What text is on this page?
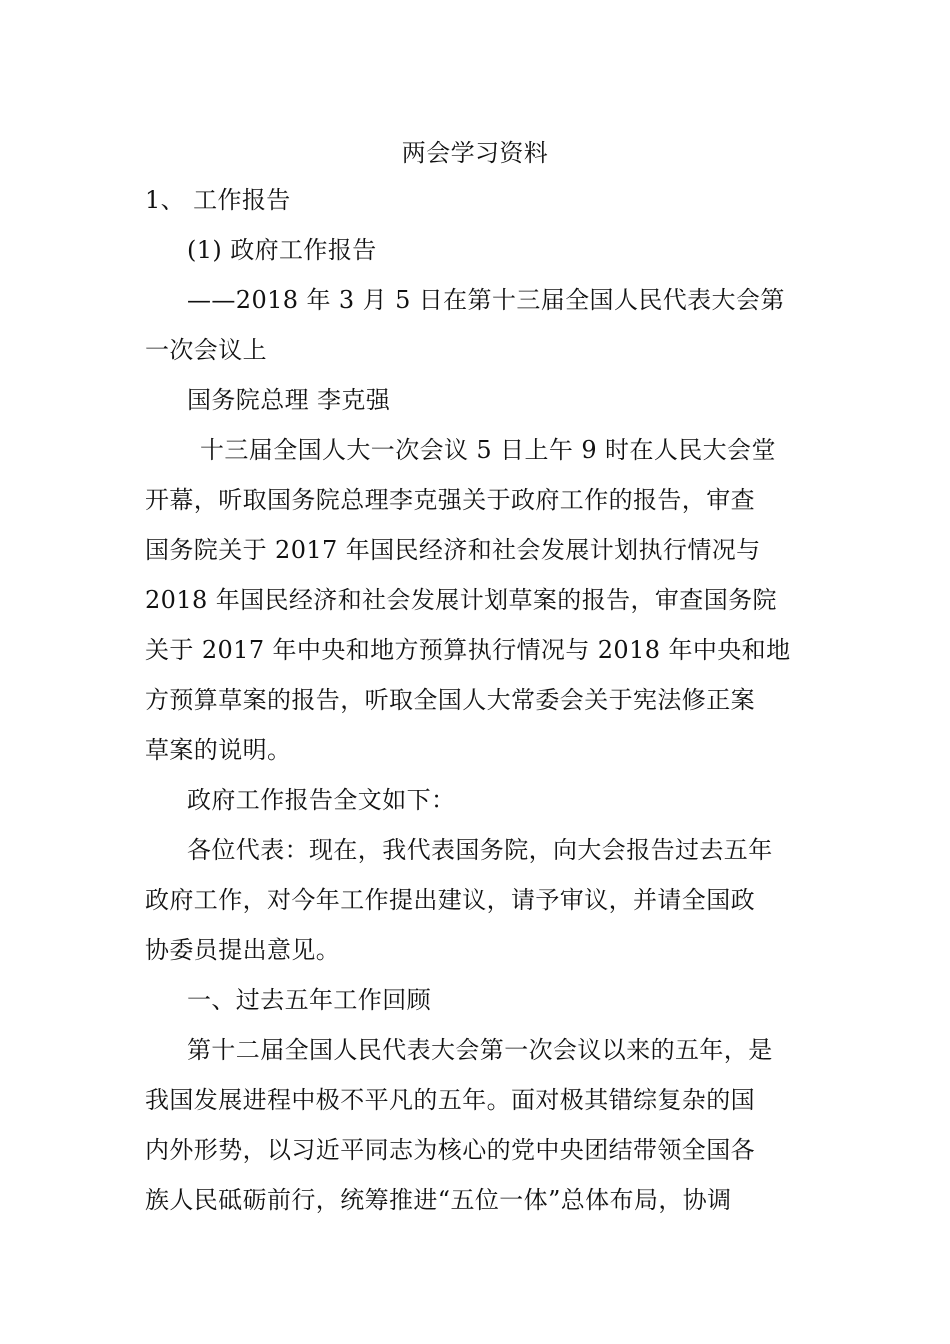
两会学习资料
1、 工作报告
(1) 政府工作报告
——2018 年 3 月 5 日在第十三届全国人民代表大会第
一次会议上
国务院总理 李克强
十三届全国人大一次会议 5 日上午 9 时在人民大会堂
开幕，听取国务院总理李克强关于政府工作的报告，审查
国务院关于 2017 年国民经济和社会发展计划执行情况与
2018 年国民经济和社会发展计划草案的报告，审查国务院
关于 2017 年中央和地方预算执行情况与 2018 年中央和地
方预算草案的报告，听取全国人大常委会关于宪法修正案
草案的说明。
政府工作报告全文如下：
各位代表：现在，我代表国务院，向大会报告过去五年
政府工作，对今年工作提出建议，请予审议，并请全国政
协委员提出意见。
一、过去五年工作回顾
第十二届全国人民代表大会第一次会议以来的五年，是
我国发展进程中极不平凡的五年。面对极其错综复杂的国
内外形势，以习近平同志为核心的党中央团结带领全国各
族人民砥砺前行，统筹推进“五位一体”总体布局，协调
